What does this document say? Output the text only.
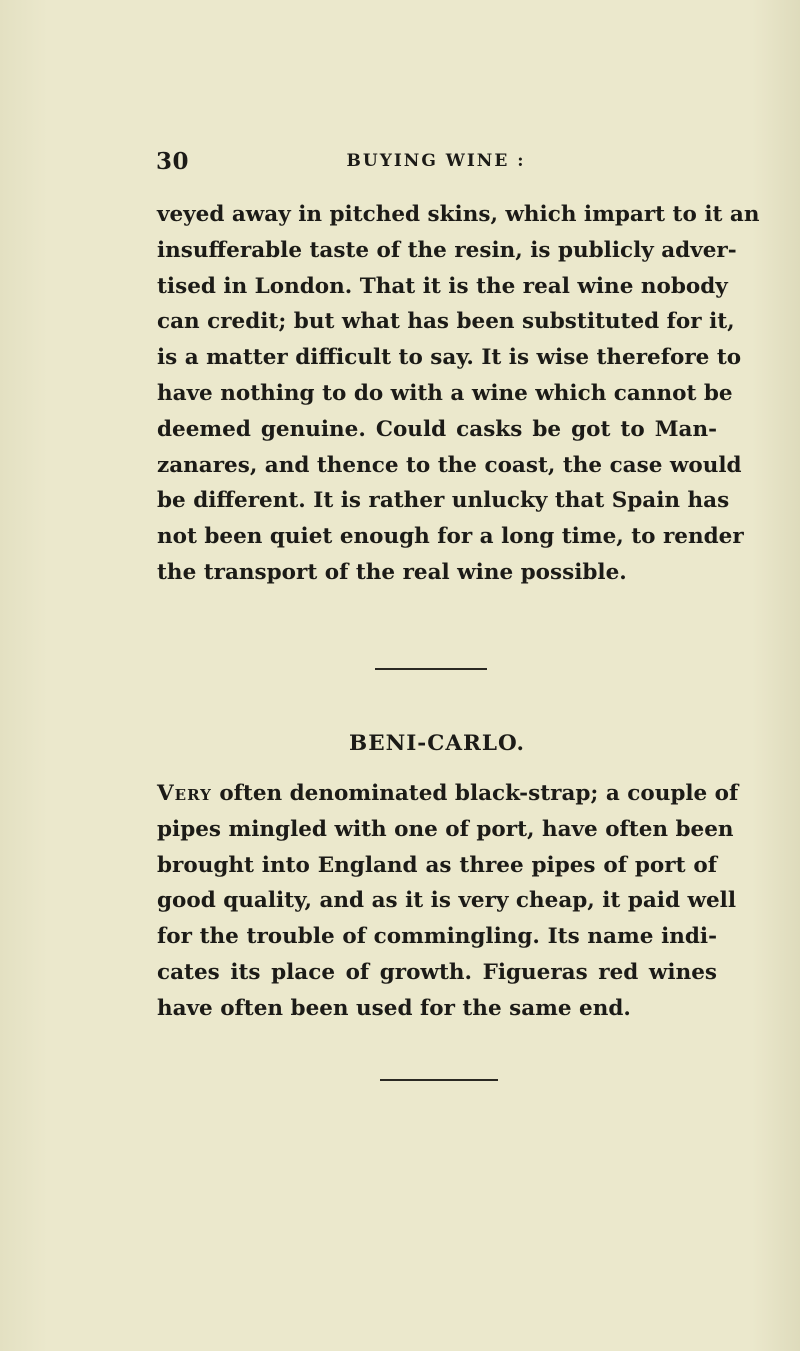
30	BUYING WINE :
veyed away in pitched skins, which impart to it an
insufferable taste of the resin, is publicly adver-
tised in London. That it is the real wine nobody
can credit; but what has been substituted for it,
is a matter difficult to say. It is wise therefore to
have nothing to do with a wine which cannot be
deemed genuine. Could casks be got to Man-
zanares, and thence to the coast, the case would
be different. It is rather unlucky that Spain has
not been quiet enough for a long time, to render
the transport of the real wine possible.
BENI-CARLO.
Very often denominated black-strap; a couple of
pipes mingled with one of port, have often been
brought into England as three pipes of port of
good quality, and as it is very cheap, it paid well
for the trouble of commingling. Its name indi-
cates its place of growth. Figueras red wines
have often been used for the same end.
